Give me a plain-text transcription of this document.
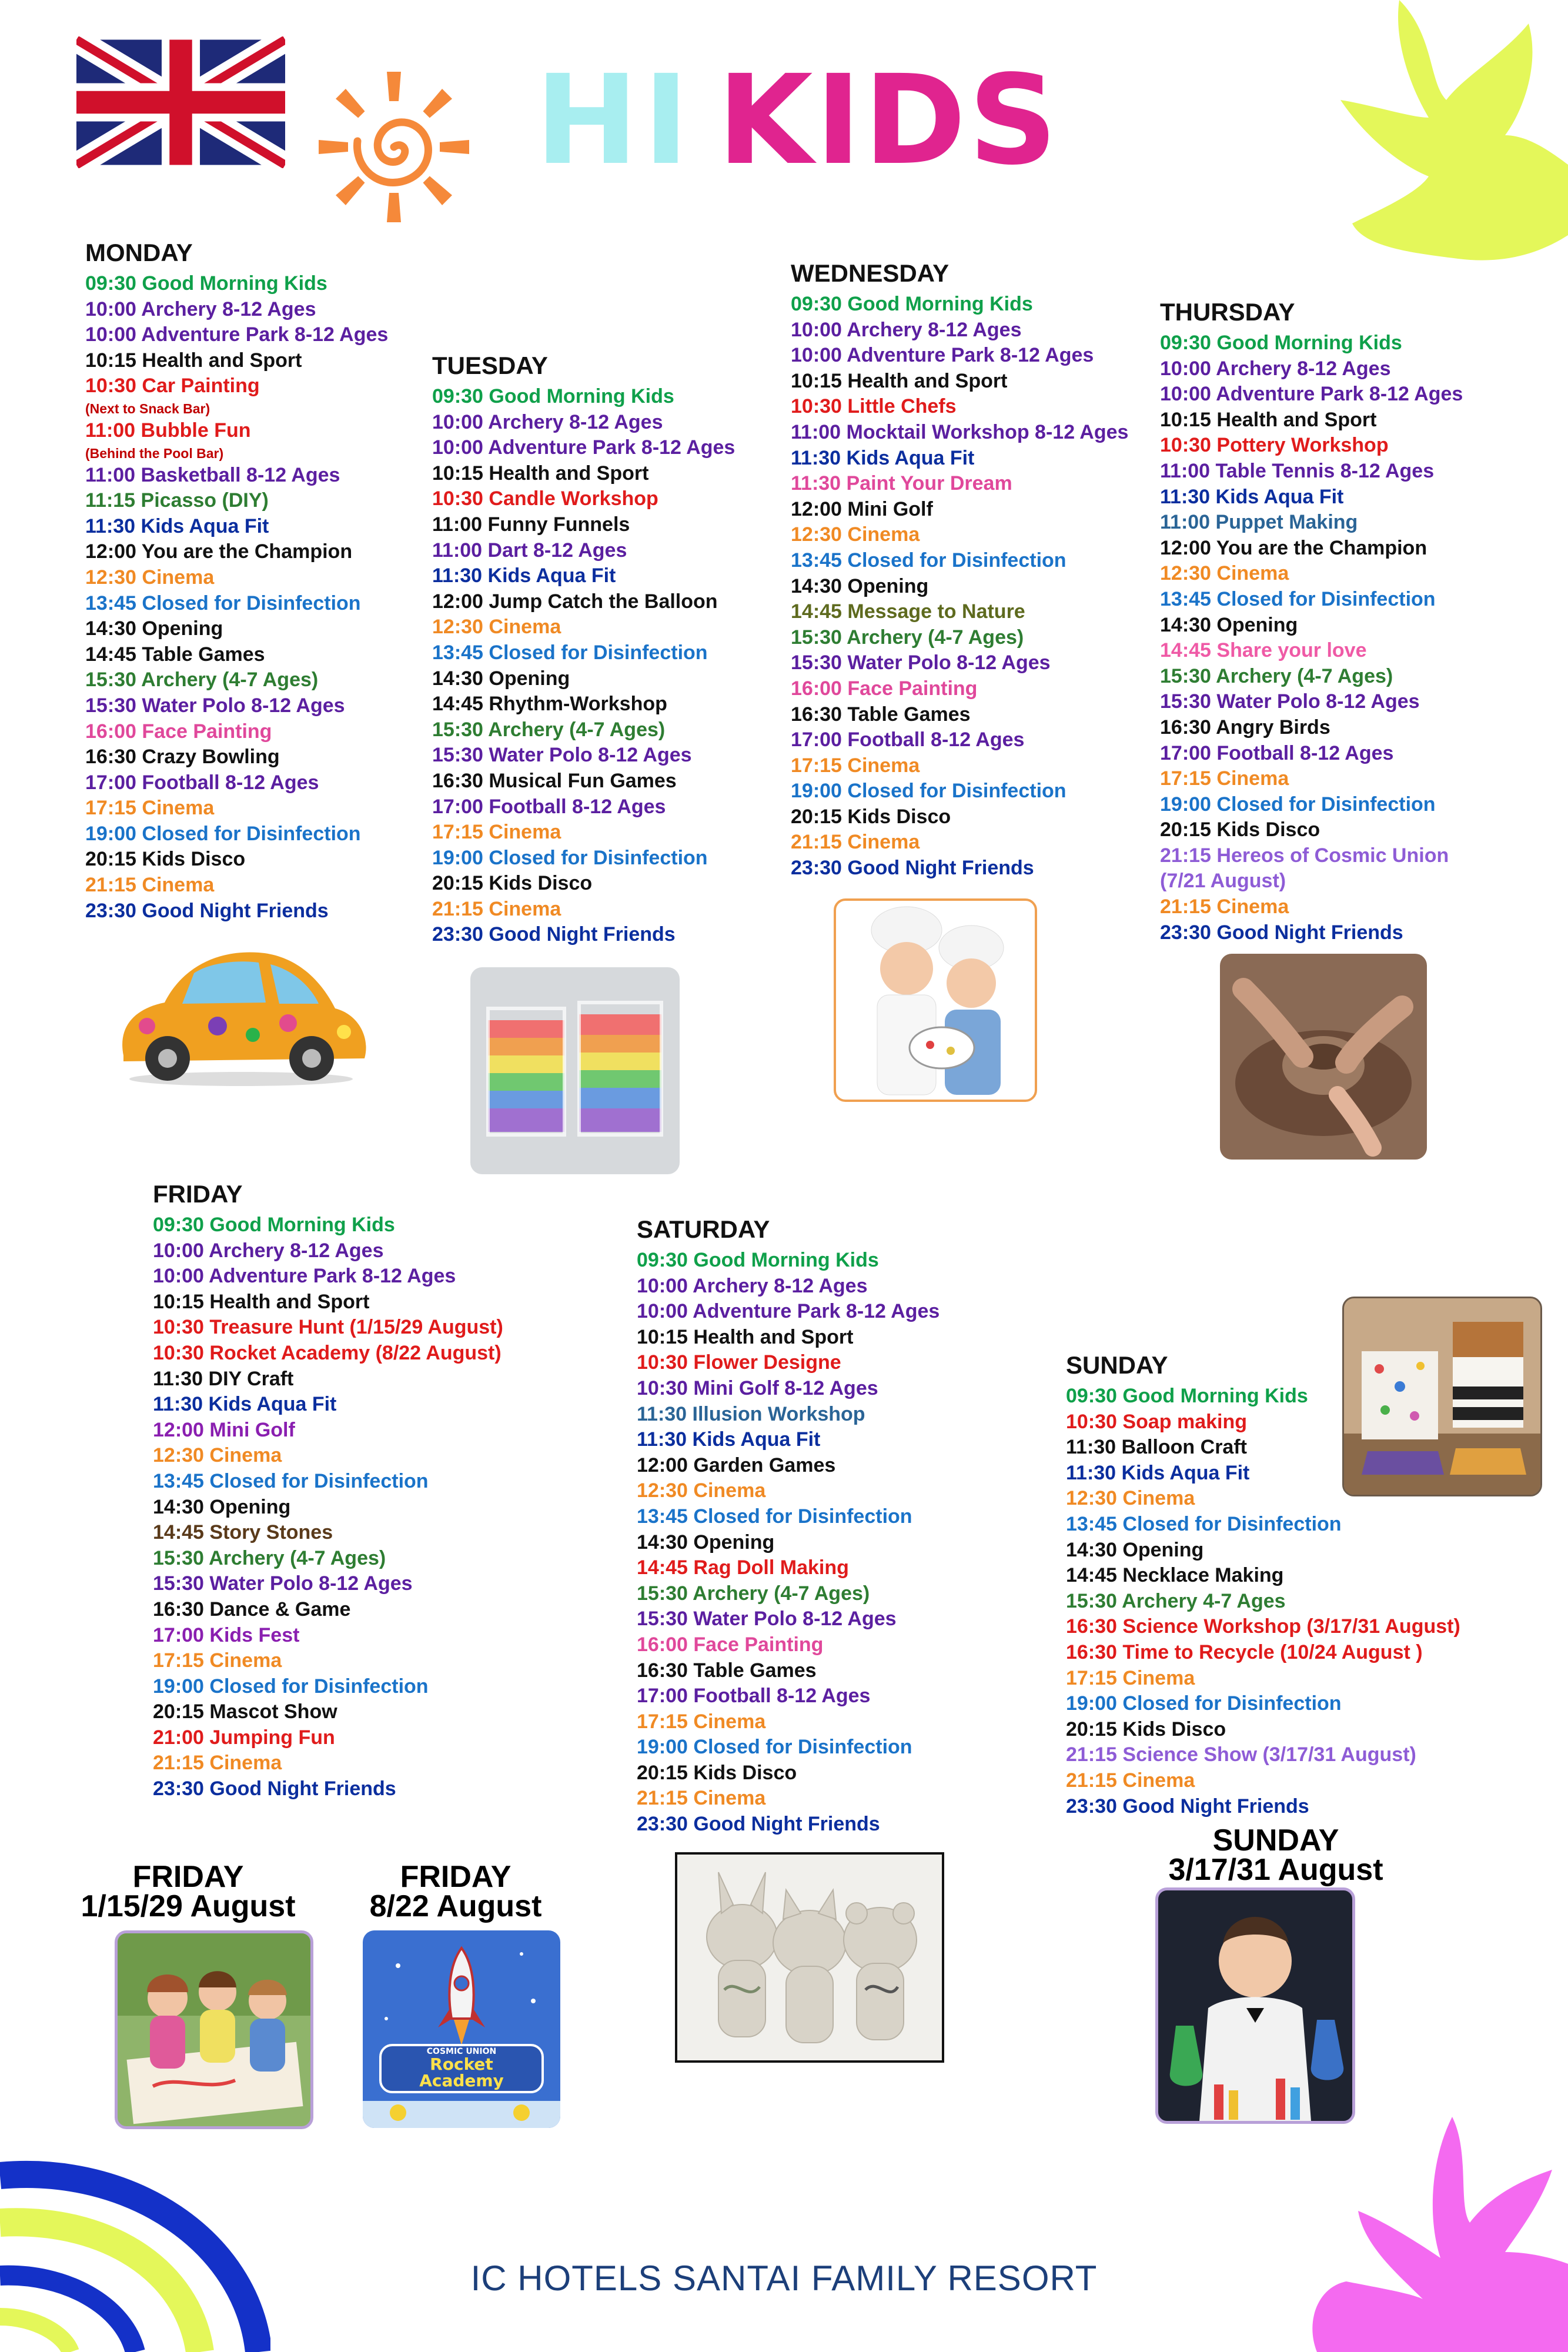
HI KIDS
MONDAY
09:30 Good Morning Kids
10:00 Archery 8-12 Ages
10:00 Adventure Park 8-12 Ages
10:15 Health and Sport
10:30 Car Painting
(Next to Snack Bar)
11:00 Bubble Fun
(Behind the Pool Bar)
11:00 Basketball 8-12 Ages
11:15 Picasso (DIY)
11:30 Kids Aqua Fit
12:00 You are the Champion
12:30 Cinema
13:45 Closed for Disinfection
14:30 Opening
14:45 Table Games
15:30 Archery (4-7 Ages)
15:30 Water Polo 8-12 Ages
16:00 Face Painting
16:30 Crazy Bowling
17:00 Football 8-12 Ages
17:15 Cinema
19:00 Closed for Disinfection
20:15 Kids Disco
21:15 Cinema
23:30 Good Night Friends
TUESDAY
09:30 Good Morning Kids
10:00 Archery 8-12 Ages
10:00 Adventure Park 8-12 Ages
10:15 Health and Sport
10:30 Candle Workshop
11:00 Funny Funnels
11:00 Dart 8-12 Ages
11:30 Kids Aqua Fit
12:00 Jump Catch the Balloon
12:30 Cinema
13:45 Closed for Disinfection
14:30 Opening
14:45 Rhythm-Workshop
15:30 Archery (4-7 Ages)
15:30 Water Polo 8-12 Ages
16:30 Musical Fun Games
17:00 Football 8-12 Ages
17:15 Cinema
19:00 Closed for Disinfection
20:15 Kids Disco
21:15 Cinema
23:30 Good Night Friends
WEDNESDAY
09:30 Good Morning Kids
10:00 Archery 8-12 Ages
10:00 Adventure Park 8-12 Ages
10:15 Health and Sport
10:30 Little Chefs
11:00 Mocktail Workshop 8-12 Ages
11:30 Kids Aqua Fit
11:30 Paint Your Dream
12:00 Mini Golf
12:30 Cinema
13:45 Closed for Disinfection
14:30 Opening
14:45 Message to Nature
15:30 Archery (4-7 Ages)
15:30 Water Polo 8-12 Ages
16:00 Face Painting
16:30 Table Games
17:00 Football 8-12 Ages
17:15 Cinema
19:00 Closed for Disinfection
20:15 Kids Disco
21:15 Cinema
23:30 Good Night Friends
THURSDAY
09:30 Good Morning Kids
10:00 Archery 8-12 Ages
10:00 Adventure Park 8-12 Ages
10:15 Health and Sport
10:30 Pottery Workshop
11:00 Table Tennis 8-12 Ages
11:30 Kids Aqua Fit
11:00 Puppet Making
12:00 You are the Champion
12:30 Cinema
13:45 Closed for Disinfection
14:30 Opening
14:45 Share your love
15:30 Archery (4-7 Ages)
15:30 Water Polo 8-12 Ages
16:30 Angry Birds
17:00 Football 8-12 Ages
17:15 Cinema
19:00 Closed for Disinfection
20:15 Kids Disco
21:15 Hereos of Cosmic Union
(7/21 August)
21:15 Cinema
23:30 Good Night Friends
FRIDAY
09:30 Good Morning Kids
10:00 Archery 8-12 Ages
10:00 Adventure Park 8-12 Ages
10:15 Health and Sport
10:30 Treasure Hunt (1/15/29 August)
10:30 Rocket Academy (8/22 August)
11:30 DIY Craft
11:30 Kids Aqua Fit
12:00 Mini Golf
12:30 Cinema
13:45 Closed for Disinfection
14:30 Opening
14:45 Story Stones
15:30 Archery (4-7 Ages)
15:30 Water Polo 8-12 Ages
16:30 Dance & Game
17:00 Kids Fest
17:15 Cinema
19:00 Closed for Disinfection
20:15 Mascot Show
21:00 Jumping Fun
21:15 Cinema
23:30 Good Night Friends
SATURDAY
09:30 Good Morning Kids
10:00 Archery 8-12 Ages
10:00 Adventure Park 8-12 Ages
10:15 Health and Sport
10:30 Flower Designe
10:30 Mini Golf 8-12 Ages
11:30 Illusion Workshop
11:30 Kids Aqua Fit
12:00 Garden Games
12:30 Cinema
13:45 Closed for Disinfection
14:30 Opening
14:45 Rag Doll Making
15:30 Archery (4-7 Ages)
15:30 Water Polo 8-12 Ages
16:00 Face Painting
16:30 Table Games
17:00 Football 8-12 Ages
17:15 Cinema
19:00 Closed for Disinfection
20:15 Kids Disco
21:15 Cinema
23:30 Good Night Friends
SUNDAY
09:30 Good Morning Kids
10:30 Soap making
11:30 Balloon Craft
11:30 Kids Aqua Fit
12:30 Cinema
13:45 Closed for Disinfection
14:30 Opening
14:45 Necklace Making
15:30 Archery 4-7 Ages
16:30 Science Workshop (3/17/31 August)
16:30 Time to Recycle (10/24 August )
17:15 Cinema
19:00 Closed for Disinfection
20:15 Kids Disco
21:15 Science Show (3/17/31 August)
21:15 Cinema
23:30 Good Night Friends
FRIDAY
1/15/29 August
FRIDAY
8/22 August
SUNDAY
3/17/31 August
COSMIC UNION
Rocket
Academy
IC HOTELS SANTAI FAMILY RESORT
